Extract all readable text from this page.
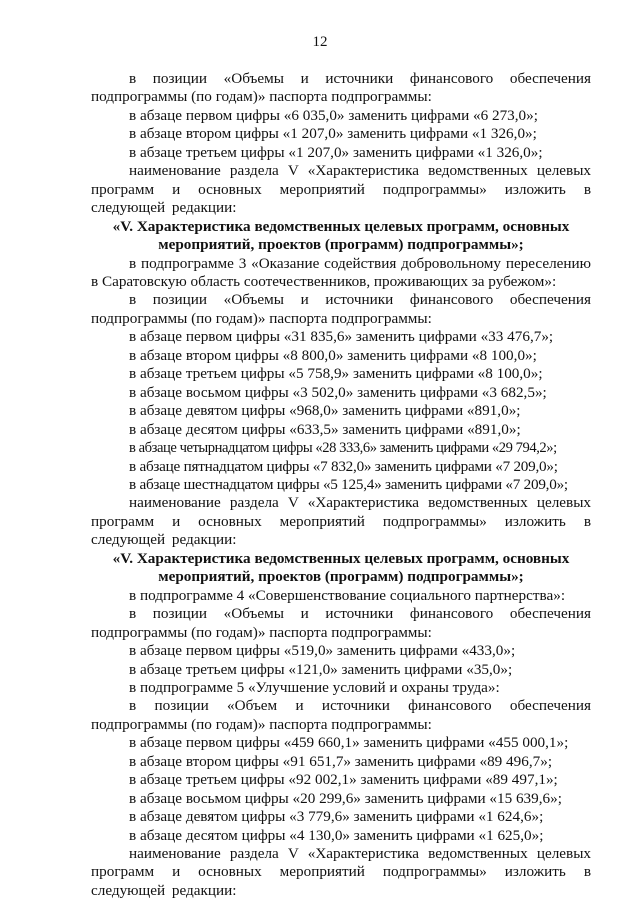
12

в позиции «Объемы и источники финансового обеспечения подпрограммы (по годам)» паспорта подпрограммы:

в абзаце первом цифры «6 035,0» заменить цифрами «6 273,0»;

в абзаце втором цифры «1 207,0» заменить цифрами «1 326,0»;

в абзаце третьем цифры «1 207,0» заменить цифрами «1 326,0»;

наименование раздела V «Характеристика ведомственных целевых программ и основных мероприятий подпрограммы» изложить в следующей редакции:

«V. Характеристика ведомственных целевых программ, основных мероприятий, проектов (программ) подпрограммы»;

в подпрограмме 3 «Оказание содействия добровольному переселению в Саратовскую область соотечественников, проживающих за рубежом»:

в позиции «Объемы и источники финансового обеспечения подпрограммы (по годам)» паспорта подпрограммы:

в абзаце первом цифры «31 835,6» заменить цифрами «33 476,7»;

в абзаце втором цифры «8 800,0» заменить цифрами «8 100,0»;

в абзаце третьем цифры «5 758,9» заменить цифрами «8 100,0»;

в абзаце восьмом цифры «3 502,0» заменить цифрами «3 682,5»;

в абзаце девятом цифры «968,0» заменить цифрами «891,0»;

в абзаце десятом цифры «633,5» заменить цифрами «891,0»;

в абзаце четырнадцатом цифры «28 333,6» заменить цифрами «29 794,2»;

в абзаце пятнадцатом цифры «7 832,0» заменить цифрами «7 209,0»;

в абзаце шестнадцатом цифры «5 125,4» заменить цифрами «7 209,0»;

наименование раздела V «Характеристика ведомственных целевых программ и основных мероприятий подпрограммы» изложить в следующей редакции:

«V. Характеристика ведомственных целевых программ, основных мероприятий, проектов (программ) подпрограммы»;

в подпрограмме 4 «Совершенствование социального партнерства»:

в позиции «Объемы и источники финансового обеспечения подпрограммы (по годам)» паспорта подпрограммы:

в абзаце первом цифры «519,0» заменить цифрами «433,0»;

в абзаце третьем цифры «121,0» заменить цифрами «35,0»;

в подпрограмме 5 «Улучшение условий и охраны труда»:

в позиции «Объем и источники финансового обеспечения подпрограммы (по годам)» паспорта подпрограммы:

в абзаце первом цифры «459 660,1» заменить цифрами «455 000,1»;

в абзаце втором цифры «91 651,7» заменить цифрами «89 496,7»;

в абзаце третьем цифры «92 002,1» заменить цифрами «89 497,1»;

в абзаце восьмом цифры «20 299,6» заменить цифрами «15 639,6»;

в абзаце девятом цифры «3 779,6» заменить цифрами «1 624,6»;

в абзаце десятом цифры «4 130,0» заменить цифрами «1 625,0»;

наименование раздела V «Характеристика ведомственных целевых программ и основных мероприятий подпрограммы» изложить в следующей редакции:
